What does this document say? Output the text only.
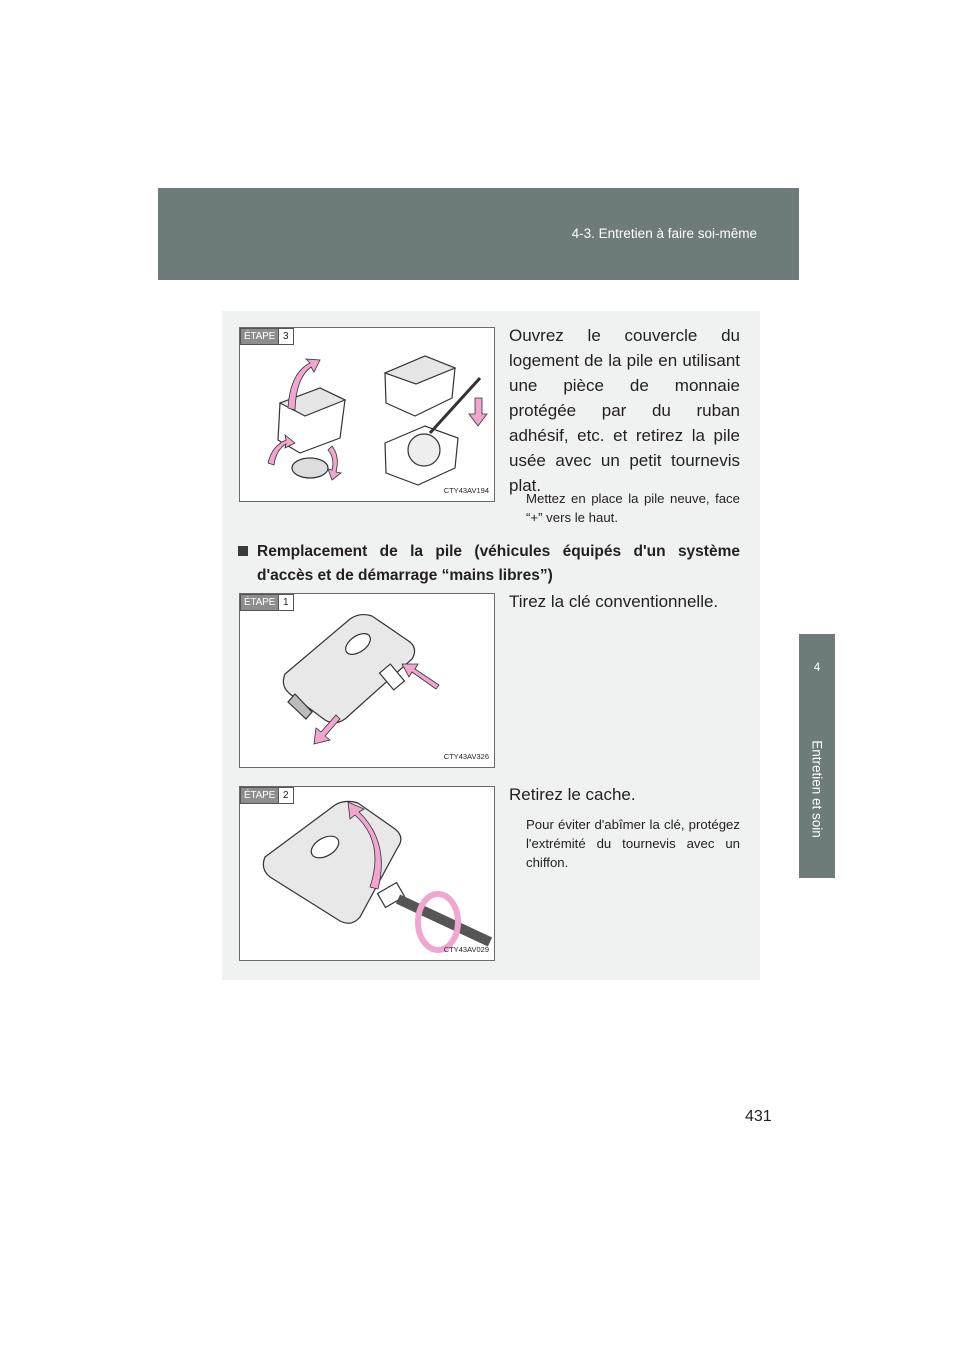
4-3. Entretien à faire soi-même
4
Entretien et soin
ÉTAPE 3
CTY43AV194
Ouvrez le couvercle du logement de la pile en utilisant une pièce de monnaie protégée par du ruban adhésif, etc. et retirez la pile usée avec un petit tournevis plat.
Mettez en place la pile neuve, face “+” vers le haut.
Remplacement de la pile (véhicules équipés d'un système d'accès et de démarrage “mains libres”)
ÉTAPE 1
CTY43AV326
Tirez la clé conventionnelle.
ÉTAPE 2
CTY43AV029
Retirez le cache.
Pour éviter d'abîmer la clé, protégez l'extrémité du tournevis avec un chiffon.
431
